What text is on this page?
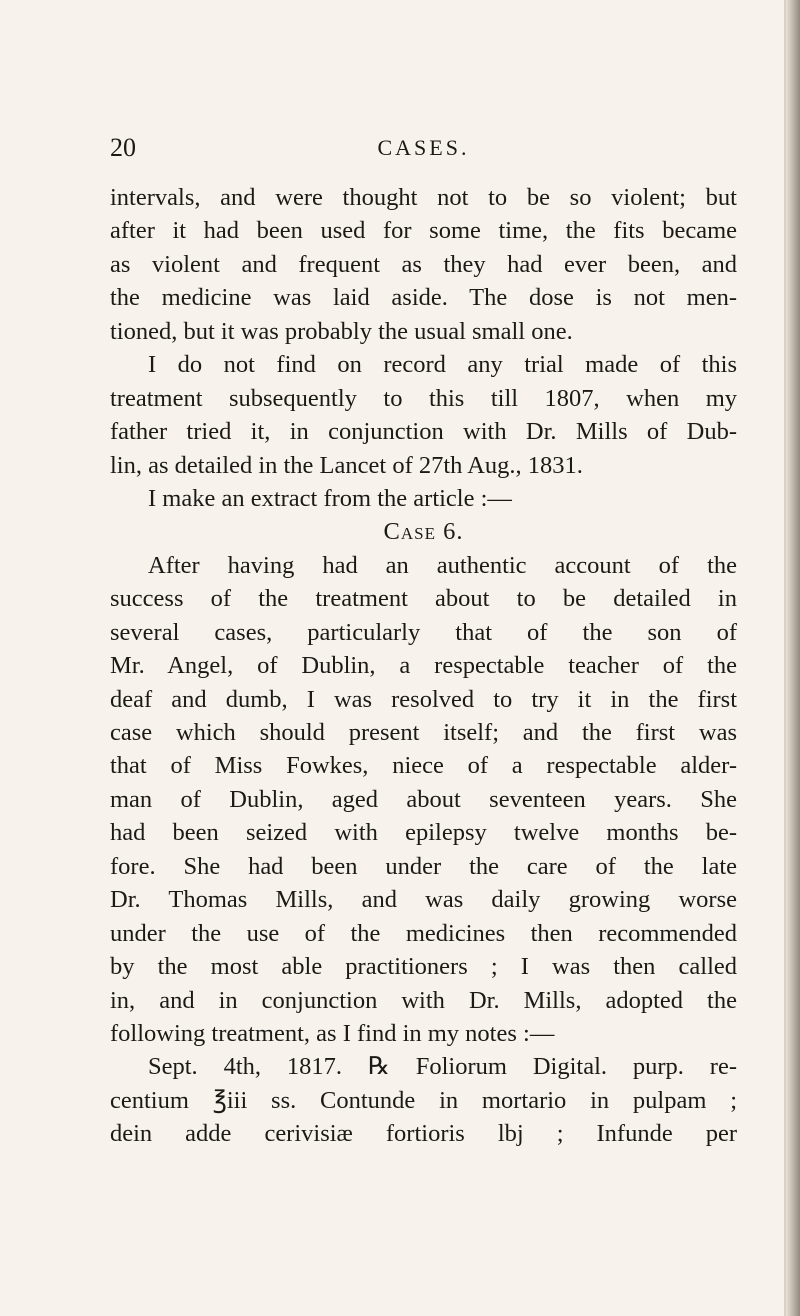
20	CASES.
intervals, and were thought not to be so violent; but
after it had been used for some time, the fits became
as violent and frequent as they had ever been, and
the medicine was laid aside. The dose is not men-
tioned, but it was probably the usual small one.
I do not find on record any trial made of this
treatment subsequently to this till 1807, when my
father tried it, in conjunction with Dr. Mills of Dub-
lin, as detailed in the Lancet of 27th Aug., 1831.
I make an extract from the article :—
Case 6.
After having had an authentic account of the
success of the treatment about to be detailed in
several cases, particularly that of the son of
Mr. Angel, of Dublin, a respectable teacher of the
deaf and dumb, I was resolved to try it in the first
case which should present itself; and the first was
that of Miss Fowkes, niece of a respectable alder-
man of Dublin, aged about seventeen years. She
had been seized with epilepsy twelve months be-
fore. She had been under the care of the late
Dr. Thomas Mills, and was daily growing worse
under the use of the medicines then recommended
by the most able practitioners ; I was then called
in, and in conjunction with Dr. Mills, adopted the
following treatment, as I find in my notes :—
Sept. 4th, 1817. ℞ Foliorum Digital. purp. re-
centium ℥iii ss. Contunde in mortario in pulpam ;
dein adde cerivisiæ fortioris lbj ; Infunde per
